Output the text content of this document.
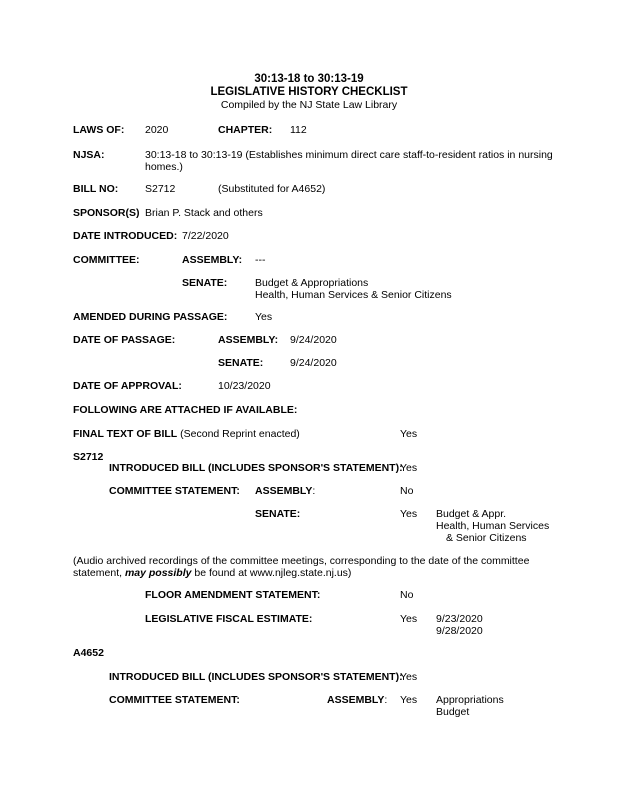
30:13-18 to 30:13-19
LEGISLATIVE HISTORY CHECKLIST
Compiled by the NJ State Law Library
LAWS OF: 2020	CHAPTER: 112
NJSA:	30:13-18 to 30:13-19 (Establishes minimum direct care staff-to-resident ratios in nursing
homes.)
BILL NO:	S2712	(Substituted for A4652)
SPONSOR(S) Brian P. Stack and others
DATE INTRODUCED: 7/22/2020
COMMITTEE:	ASSEMBLY: ---
SENATE:	Budget & Appropriations
Health, Human Services & Senior Citizens
AMENDED DURING PASSAGE:	Yes
DATE OF PASSAGE:	ASSEMBLY: 9/24/2020
SENATE:	9/24/2020
DATE OF APPROVAL:	10/23/2020
FOLLOWING ARE ATTACHED IF AVAILABLE:
FINAL TEXT OF BILL (Second Reprint enacted)	Yes
S2712
INTRODUCED BILL (INCLUDES SPONSOR'S STATEMENT):
Yes
COMMITTEE STATEMENT: ASSEMBLY:	No
SENATE:	Yes Budget & Appr.
Health, Human Services
& Senior Citizens
(Audio archived recordings of the committee meetings, corresponding to the date of the committee
statement, may possibly be found at www.njleg.state.nj.us)
FLOOR AMENDMENT STATEMENT:	No
LEGISLATIVE FISCAL ESTIMATE:	Yes 9/23/2020
9/28/2020
A4652
INTRODUCED BILL (INCLUDES SPONSOR'S STATEMENT):
Yes
COMMITTEE STATEMENT:	ASSEMBLY: Yes Appropriations
Budget
